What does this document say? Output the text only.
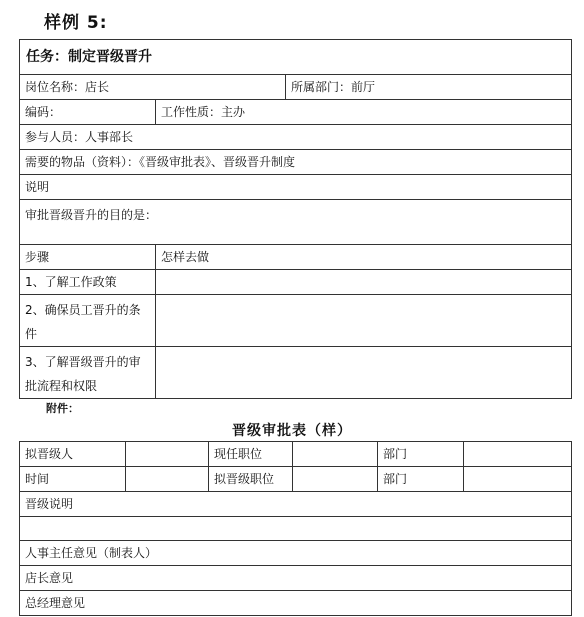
样例 5:
任务：制定晋级晋升		
岗位名称：店长		所属部门：前厅
编码：	工作性质：主办	
参与人员：人事部长		
需要的物品（资料）：《晋级审批表》、晋级晋升制度		
说明		
审批晋级晋升的目的是：		
步骤	怎样去做	
1、了解工作政策		
2、确保员工晋升的条件		
3、了解晋级晋升的审批流程和权限		
附件：
晋级审批表（样）
拟晋级人		现任职位		部门	
时间		拟晋级职位		部门	
晋级说明					

人事主任意见（制表人）					
店长意见					
总经理意见					
